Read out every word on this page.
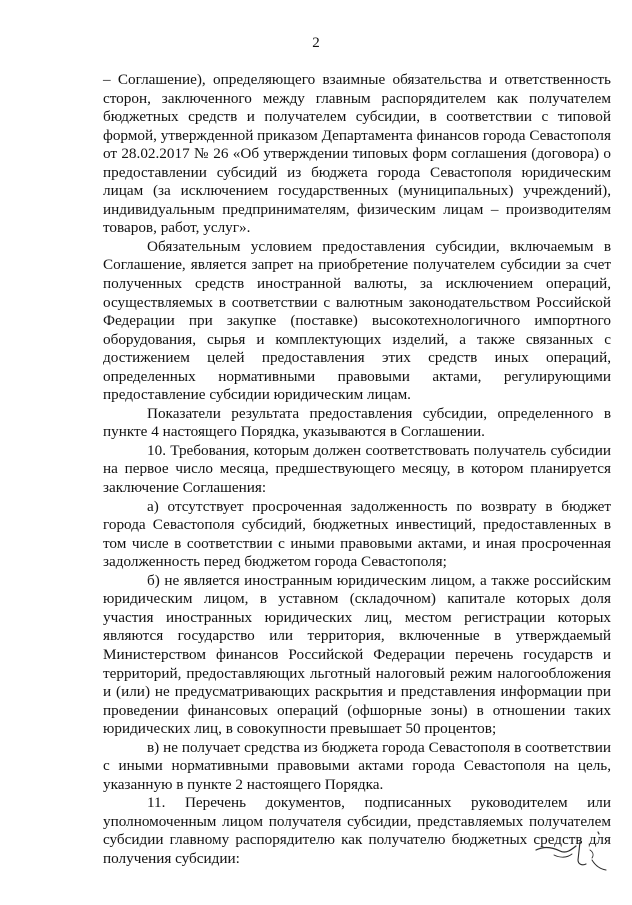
2

– Соглашение), определяющего взаимные обязательства и ответственность сторон, заключенного между главным распорядителем как получателем бюджетных средств и получателем субсидии, в соответствии с типовой формой, утвержденной приказом Департамента финансов города Севастополя от 28.02.2017 № 26 «Об утверждении типовых форм соглашения (договора) о предоставлении субсидий из бюджета города Севастополя юридическим лицам (за исключением государственных (муниципальных) учреждений), индивидуальным предпринимателям, физическим лицам – производителям товаров, работ, услуг».

Обязательным условием предоставления субсидии, включаемым в Соглашение, является запрет на приобретение получателем субсидии за счет полученных средств иностранной валюты, за исключением операций, осуществляемых в соответствии с валютным законодательством Российской Федерации при закупке (поставке) высокотехнологичного импортного оборудования, сырья и комплектующих изделий, а также связанных с достижением целей предоставления этих средств иных операций, определенных нормативными правовыми актами, регулирующими предоставление субсидии юридическим лицам.

Показатели результата предоставления субсидии, определенного в пункте 4 настоящего Порядка, указываются в Соглашении.

10. Требования, которым должен соответствовать получатель субсидии на первое число месяца, предшествующего месяцу, в котором планируется заключение Соглашения:

а) отсутствует просроченная задолженность по возврату в бюджет города Севастополя субсидий, бюджетных инвестиций, предоставленных в том числе в соответствии с иными правовыми актами, и иная просроченная задолженность перед бюджетом города Севастополя;

б) не является иностранным юридическим лицом, а также российским юридическим лицом, в уставном (складочном) капитале которых доля участия иностранных юридических лиц, местом регистрации которых являются государство или территория, включенные в утверждаемый Министерством финансов Российской Федерации перечень государств и территорий, предоставляющих льготный налоговый режим налогообложения и (или) не предусматривающих раскрытия и представления информации при проведении финансовых операций (офшорные зоны) в отношении таких юридических лиц, в совокупности превышает 50 процентов;

в) не получает средства из бюджета города Севастополя в соответствии с иными нормативными правовыми актами города Севастополя на цель, указанную в пункте 2 настоящего Порядка.

11. Перечень документов, подписанных руководителем или уполномоченным лицом получателя субсидии, представляемых получателем субсидии главному распорядителю как получателю бюджетных средств для получения субсидии:
